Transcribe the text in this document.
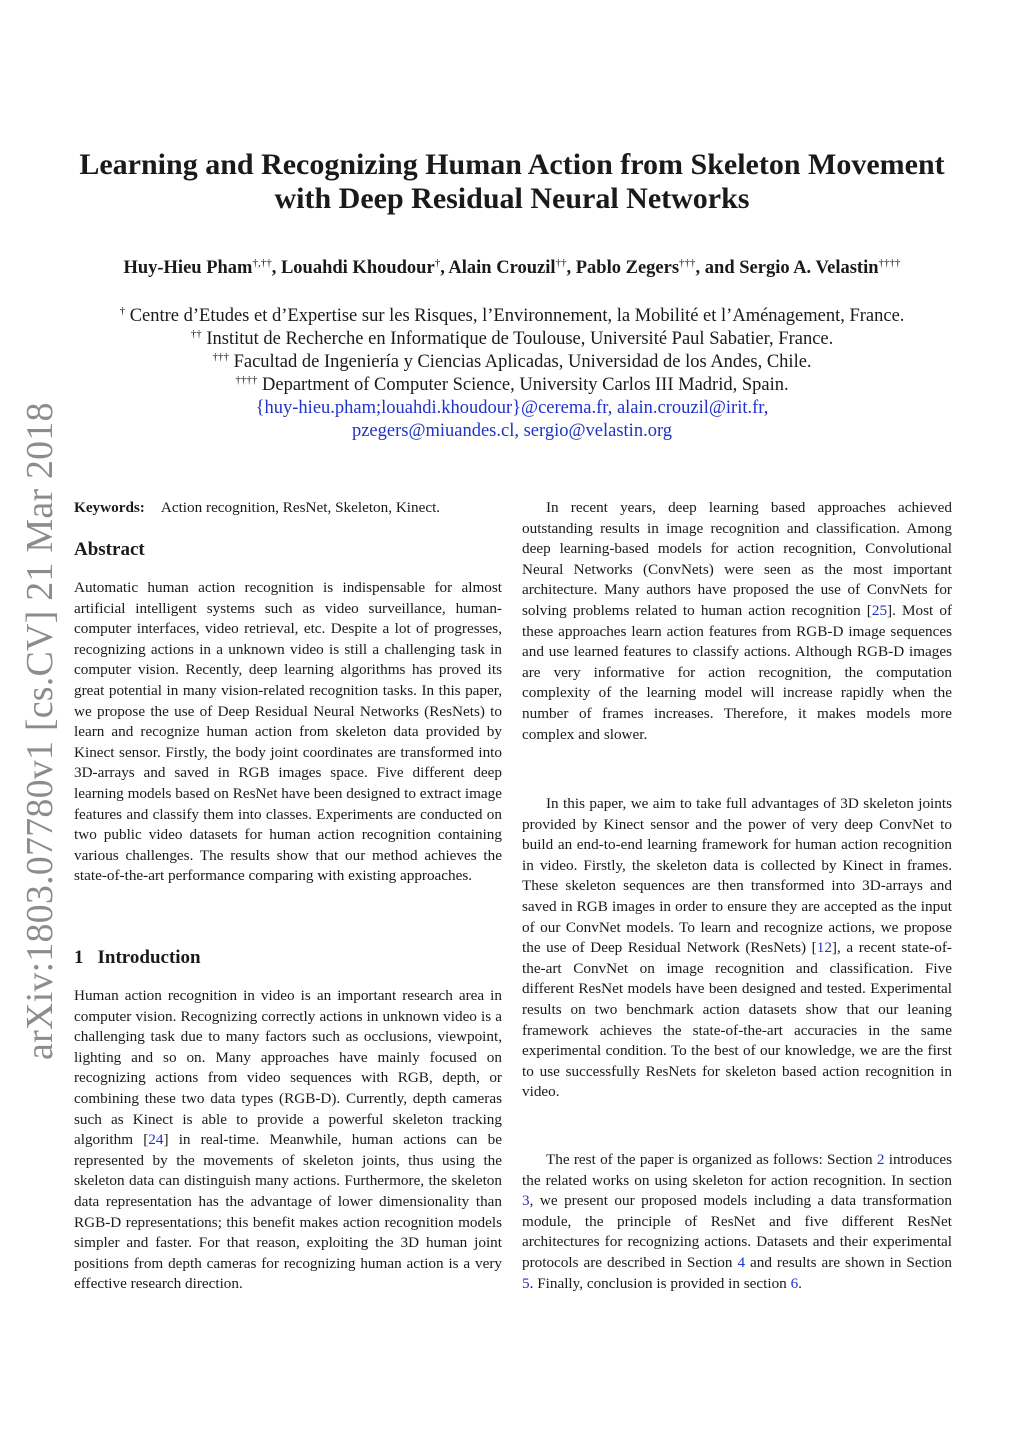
Learning and Recognizing Human Action from Skeleton Movement
with Deep Residual Neural Networks
Huy-Hieu Pham†,††, Louahdi Khoudour†, Alain Crouzil††, Pablo Zegers†††, and Sergio A. Velastin††††
† Centre d’Etudes et d’Expertise sur les Risques, l’Environnement, la Mobilité et l’Aménagement, France.
†† Institut de Recherche en Informatique de Toulouse, Université Paul Sabatier, France.
††† Facultad de Ingeniería y Ciencias Aplicadas, Universidad de los Andes, Chile.
†††† Department of Computer Science, University Carlos III Madrid, Spain.
{huy-hieu.pham;louahdi.khoudour}@cerema.fr, alain.crouzil@irit.fr,
pzegers@miuandes.cl, sergio@velastin.org
arXiv:1803.07780v1 [cs.CV] 21 Mar 2018 Keywords: Action recognition, ResNet, Skeleton, Kinect.
Abstract
Automatic human action recognition is indispensable for almost artificial intelligent systems such as video surveillance, human-computer interfaces, video retrieval, etc. Despite a lot of progresses, recognizing actions in a unknown video is still a challenging task in computer vision. Recently, deep learning algorithms has proved its great potential in many vision-related recognition tasks. In this paper, we propose the use of Deep Residual Neural Networks (ResNets) to learn and recognize human action from skeleton data provided by Kinect sensor. Firstly, the body joint coordinates are transformed into 3D-arrays and saved in RGB images space. Five different deep learning models based on ResNet have been designed to extract image features and classify them into classes. Experiments are conducted on two public video datasets for human action recognition containing various challenges. The results show that our method achieves the state-of-the-art performance comparing with existing approaches.
1 Introduction
Human action recognition in video is an important research area in computer vision. Recognizing correctly actions in unknown video is a challenging task due to many factors such as occlusions, viewpoint, lighting and so on. Many approaches have mainly focused on recognizing actions from video sequences with RGB, depth, or combining these two data types (RGB-D). Currently, depth cameras such as Kinect is able to provide a powerful skeleton tracking algorithm [24] in real-time. Meanwhile, human actions can be represented by the movements of skeleton joints, thus using the skeleton data can distinguish many actions. Furthermore, the skeleton data representation has the advantage of lower dimensionality than RGB-D representations; this benefit makes action recognition models simpler and faster. For that reason, exploiting the 3D human joint positions from depth cameras for recognizing human action is a very effective research direction.
In recent years, deep learning based approaches achieved outstanding results in image recognition and classification. Among deep learning-based models for action recognition, Convolutional Neural Networks (ConvNets) were seen as the most important architecture. Many authors have proposed the use of ConvNets for solving problems related to human action recognition [25]. Most of these approaches learn action features from RGB-D image sequences and use learned features to classify actions. Although RGB-D images are very informative for action recognition, the computation complexity of the learning model will increase rapidly when the number of frames increases. Therefore, it makes models more complex and slower.
In this paper, we aim to take full advantages of 3D skeleton joints provided by Kinect sensor and the power of very deep ConvNet to build an end-to-end learning framework for human action recognition in video. Firstly, the skeleton data is collected by Kinect in frames. These skeleton sequences are then transformed into 3D-arrays and saved in RGB images in order to ensure they are accepted as the input of our ConvNet models. To learn and recognize actions, we propose the use of Deep Residual Network (ResNets) [12], a recent state-of-the-art ConvNet on image recognition and classification. Five different ResNet models have been designed and tested. Experimental results on two benchmark action datasets show that our leaning framework achieves the state-of-the-art accuracies in the same experimental condition. To the best of our knowledge, we are the first to use successfully ResNets for skeleton based action recognition in video.
The rest of the paper is organized as follows: Section 2 introduces the related works on using skeleton for action recognition. In section 3, we present our proposed models including a data transformation module, the principle of ResNet and five different ResNet architectures for recognizing actions. Datasets and their experimental protocols are described in Section 4 and results are shown in Section 5. Finally, conclusion is provided in section 6.
